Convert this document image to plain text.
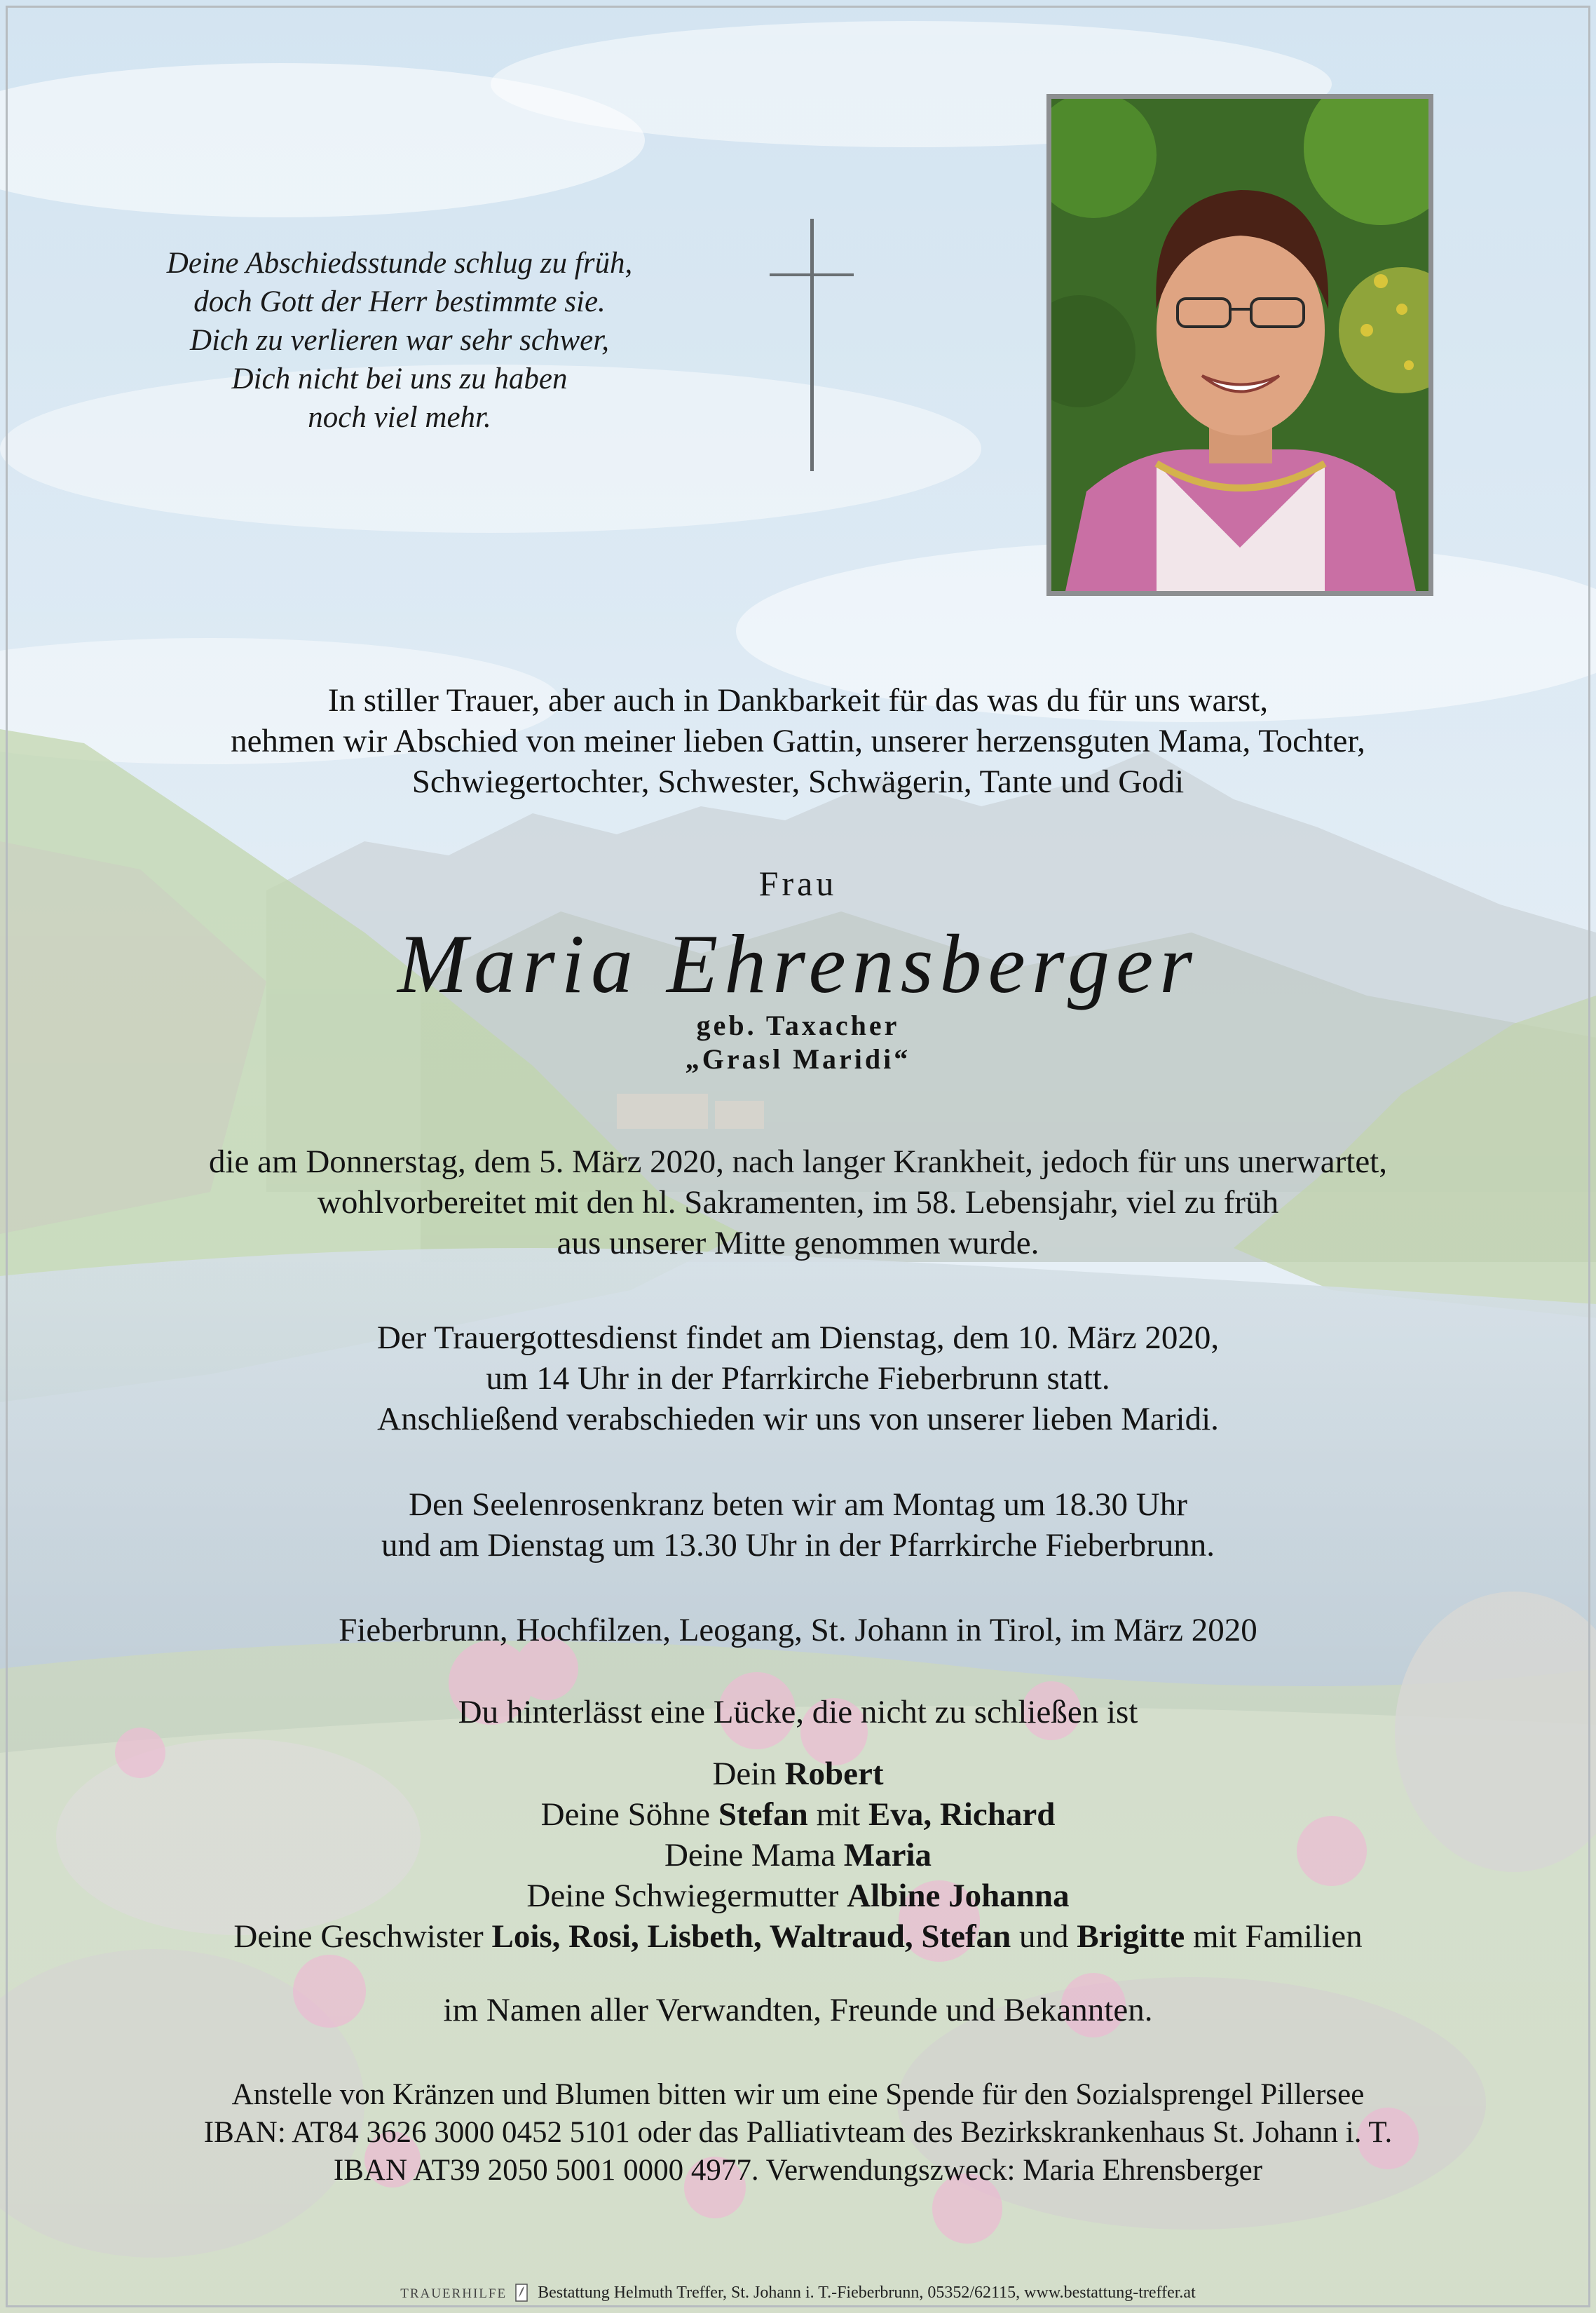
Deine Abschiedsstunde schlug zu früh,
doch Gott der Herr bestimmte sie.
Dich zu verlieren war sehr schwer,
Dich nicht bei uns zu haben
noch viel mehr.
In stiller Trauer, aber auch in Dankbarkeit für das was du für uns warst,
nehmen wir Abschied von meiner lieben Gattin, unserer herzensguten Mama, Tochter,
Schwiegertochter, Schwester, Schwägerin, Tante und Godi
Frau
Maria Ehrensberger
geb. Taxacher
„Grasl Maridi“
die am Donnerstag, dem 5. März 2020, nach langer Krankheit, jedoch für uns unerwartet,
wohlvorbereitet mit den hl. Sakramenten, im 58. Lebensjahr, viel zu früh
aus unserer Mitte genommen wurde.
Der Trauergottesdienst findet am Dienstag, dem 10. März 2020,
um 14 Uhr in der Pfarrkirche Fieberbrunn statt.
Anschließend verabschieden wir uns von unserer lieben Maridi.
Den Seelenrosenkranz beten wir am Montag um 18.30 Uhr
und am Dienstag um 13.30 Uhr in der Pfarrkirche Fieberbrunn.
Fieberbrunn, Hochfilzen, Leogang, St. Johann in Tirol, im März 2020
Du hinterlässt eine Lücke, die nicht zu schließen ist
Dein Robert
Deine Söhne Stefan mit Eva, Richard
Deine Mama Maria
Deine Schwiegermutter Albine Johanna
Deine Geschwister Lois, Rosi, Lisbeth, Waltraud, Stefan und Brigitte mit Familien
im Namen aller Verwandten, Freunde und Bekannten.
Anstelle von Kränzen und Blumen bitten wir um eine Spende für den Sozialsprengel Pillersee
IBAN: AT84 3626 3000 0452 5101 oder das Palliativteam des Bezirkskrankenhaus St. Johann i. T.
IBAN AT39 2050 5001 0000 4977. Verwendungszweck: Maria Ehrensberger
TRAUERHILFE Bestattung Helmuth Treffer, St. Johann i. T.-Fieberbrunn, 05352/62115, www.bestattung-treffer.at
